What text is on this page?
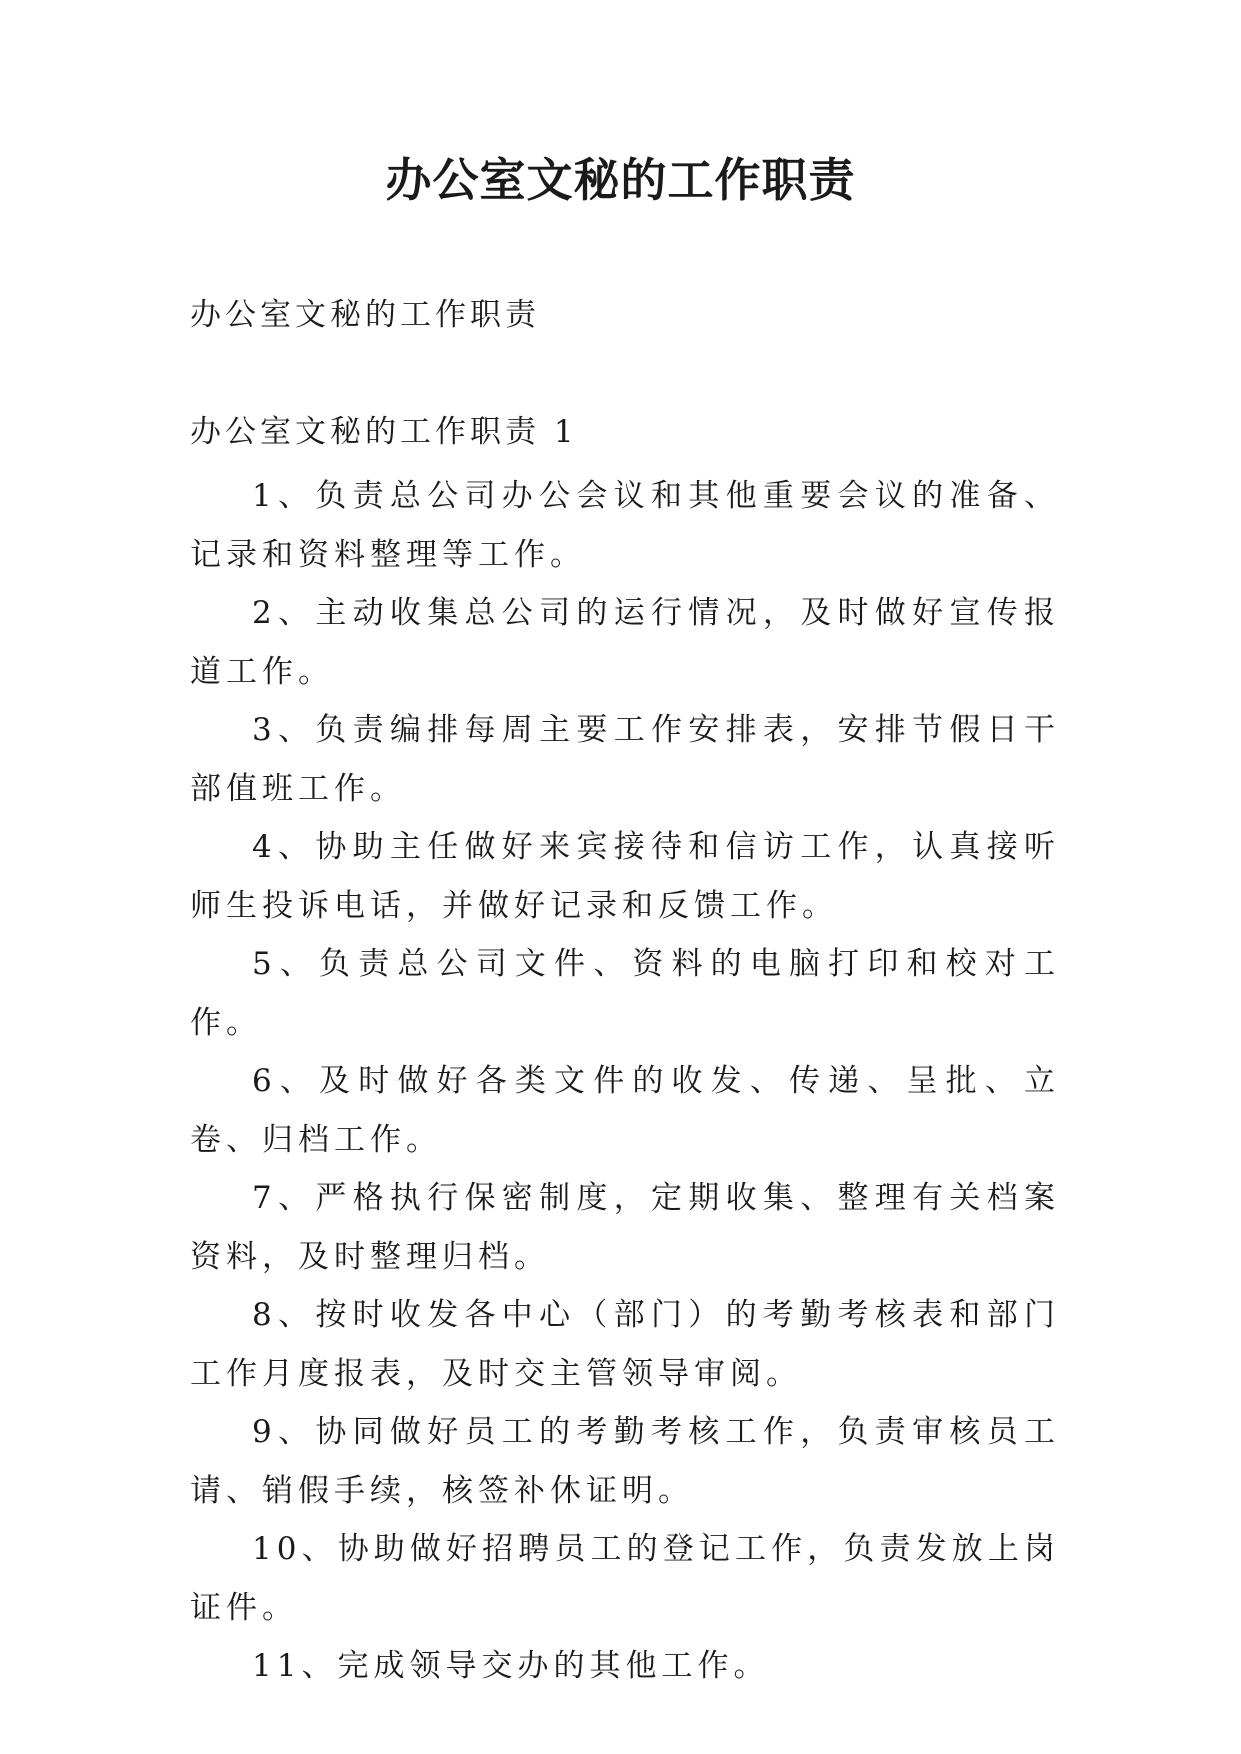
办公室文秘的工作职责

办公室文秘的工作职责

办公室文秘的工作职责 1

1、负责总公司办公会议和其他重要会议的准备、记录和资料整理等工作。
2、主动收集总公司的运行情况，及时做好宣传报道工作。
3、负责编排每周主要工作安排表，安排节假日干部值班工作。
4、协助主任做好来宾接待和信访工作，认真接听师生投诉电话，并做好记录和反馈工作。
5、负责总公司文件、资料的电脑打印和校对工作。
6、及时做好各类文件的收发、传递、呈批、立卷、归档工作。
7、严格执行保密制度，定期收集、整理有关档案资料，及时整理归档。
8、按时收发各中心（部门）的考勤考核表和部门工作月度报表，及时交主管领导审阅。
9、协同做好员工的考勤考核工作，负责审核员工请、销假手续，核签补休证明。
10、协助做好招聘员工的登记工作，负责发放上岗证件。
11、完成领导交办的其他工作。
